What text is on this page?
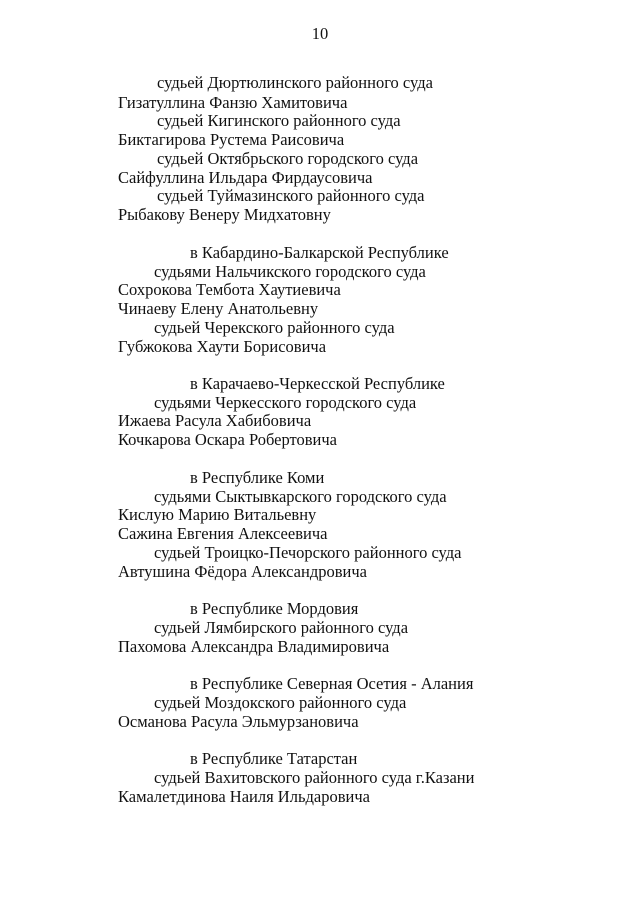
10
судьей Дюртюлинского районного суда
Гизатуллина Фанзю Хамитовича
судьей Кигинского районного суда
Биктагирова Рустема Раисовича
судьей Октябрьского городского суда
Сайфуллина Ильдара Фирдаусовича
судьей Туймазинского районного суда
Рыбакову Венеру Мидхатовну
в Кабардино-Балкарской Республике
судьями Нальчикского городского суда
Сохрокова Тембота Хаутиевича
Чинаеву Елену Анатольевну
судьей Черекского районного суда
Губжокова Хаути Борисовича
в Карачаево-Черкесской Республике
судьями Черкесского городского суда
Ижаева Расула Хабибовича
Кочкарова Оскара Робертовича
в Республике Коми
судьями Сыктывкарского городского суда
Кислую Марию Витальевну
Сажина Евгения Алексеевича
судьей Троицко-Печорского районного суда
Автушина Фёдора Александровича
в Республике Мордовия
судьей Лямбирского районного суда
Пахомова Александра Владимировича
в Республике Северная Осетия - Алания
судьей Моздокского районного суда
Османова Расула Эльмурзановича
в Республике Татарстан
судьей Вахитовского районного суда г.Казани
Камалетдинова Наиля Ильдаровича
